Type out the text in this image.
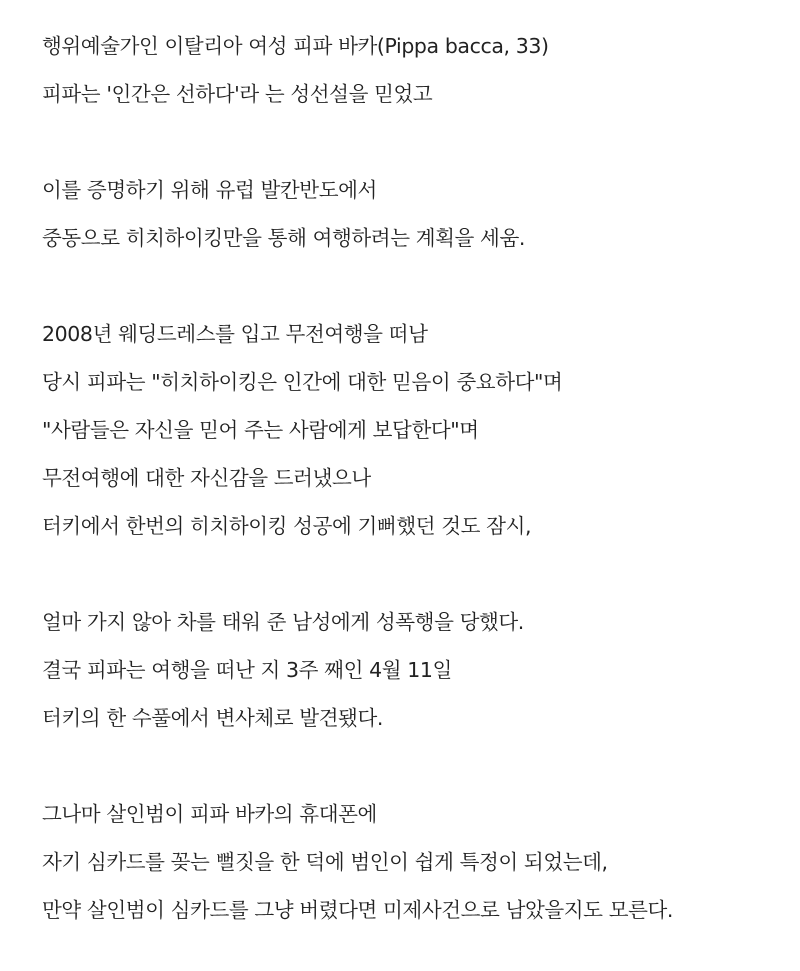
행위예술가인 이탈리아 여성 피파 바카(Pippa bacca, 33)
피파는 '인간은 선하다'라 는 성선설을 믿었고
이를 증명하기 위해 유럽 발칸반도에서
중동으로 히치하이킹만을 통해 여행하려는 계획을 세움.
2008년 웨딩드레스를 입고 무전여행을 떠남
당시 피파는 "히치하이킹은 인간에 대한 믿음이 중요하다"며
"사람들은 자신을 믿어 주는 사람에게 보답한다"며
무전여행에 대한 자신감을 드러냈으나
터키에서 한번의 히치하이킹 성공에 기뻐했던 것도 잠시,
얼마 가지 않아 차를 태워 준 남성에게 성폭행을 당했다.
결국 피파는 여행을 떠난 지 3주 째인 4월 11일
터키의 한 수풀에서 변사체로 발견됐다.
그나마 살인범이 피파 바카의 휴대폰에
자기 심카드를 꽂는 뻘짓을 한 덕에 범인이 쉽게 특정이 되었는데,
만약 살인범이 심카드를 그냥 버렸다면 미제사건으로 남았을지도 모른다.
